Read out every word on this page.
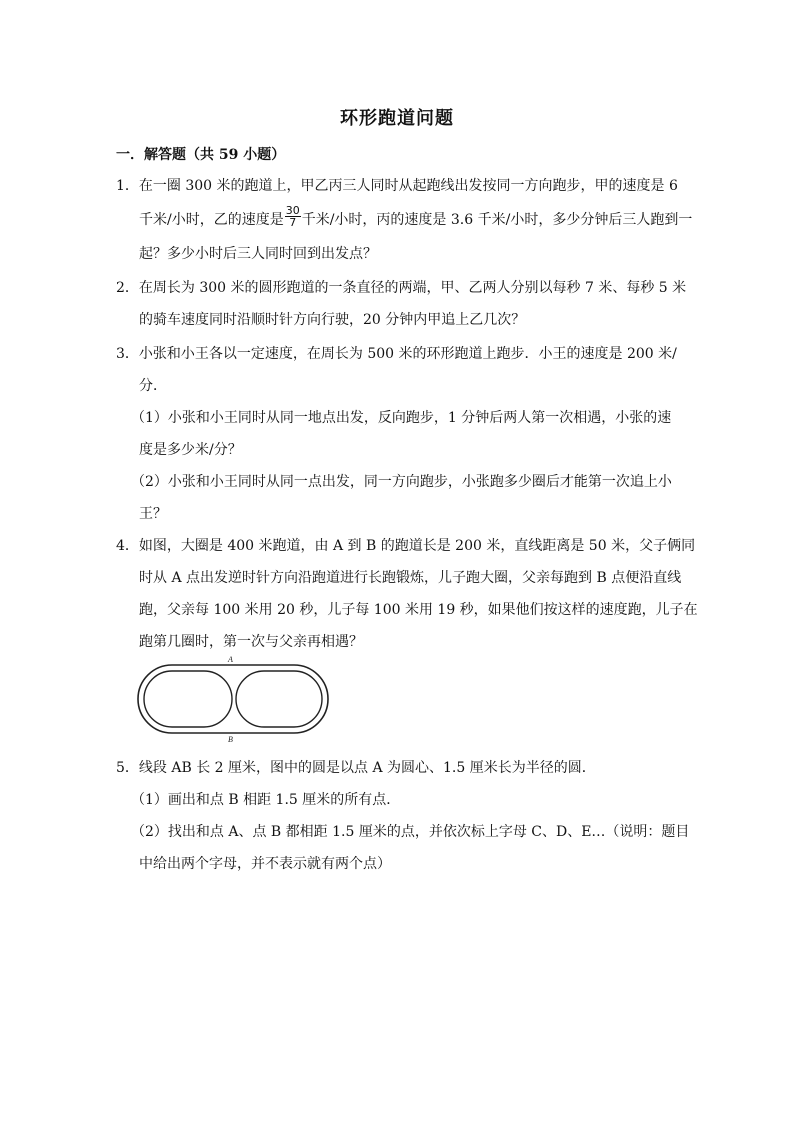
环形跑道问题
一．解答题（共 59 小题）
1．在一圈 300 米的跑道上，甲乙丙三人同时从起跑线出发按同一方向跑步，甲的速度是 6
千米/小时，乙的速度是 $\frac{30}{7}$ 千米/小时，丙的速度是 3.6 千米/小时，多少分钟后三人跑到一
起？多少小时后三人同时回到出发点？
2．在周长为 300 米的圆形跑道的一条直径的两端，甲、乙两人分别以每秒 7 米、每秒 5 米
的骑车速度同时沿顺时针方向行驶，20 分钟内甲追上乙几次？
3．小张和小王各以一定速度，在周长为 500 米的环形跑道上跑步．小王的速度是 200 米/
分．
（1）小张和小王同时从同一地点出发，反向跑步，1 分钟后两人第一次相遇，小张的速
度是多少米/分？
（2）小张和小王同时从同一点出发，同一方向跑步，小张跑多少圈后才能第一次追上小
王？
4．如图，大圈是 400 米跑道，由 A 到 B 的跑道长是 200 米，直线距离是 50 米，父子俩同
时从 A 点出发逆时针方向沿跑道进行长跑锻炼，儿子跑大圈，父亲每跑到 B 点便沿直线
跑，父亲每 100 米用 20 秒，儿子每 100 米用 19 秒，如果他们按这样的速度跑，儿子在
跑第几圈时，第一次与父亲再相遇？
A
B
5．线段 AB 长 2 厘米，图中的圆是以点 A 为圆心、1.5 厘米长为半径的圆．
（1）画出和点 B 相距 1.5 厘米的所有点．
（2）找出和点 A、点 B 都相距 1.5 厘米的点，并依次标上字母 C、D、E…（说明：题目
中给出两个字母，并不表示就有两个点）
